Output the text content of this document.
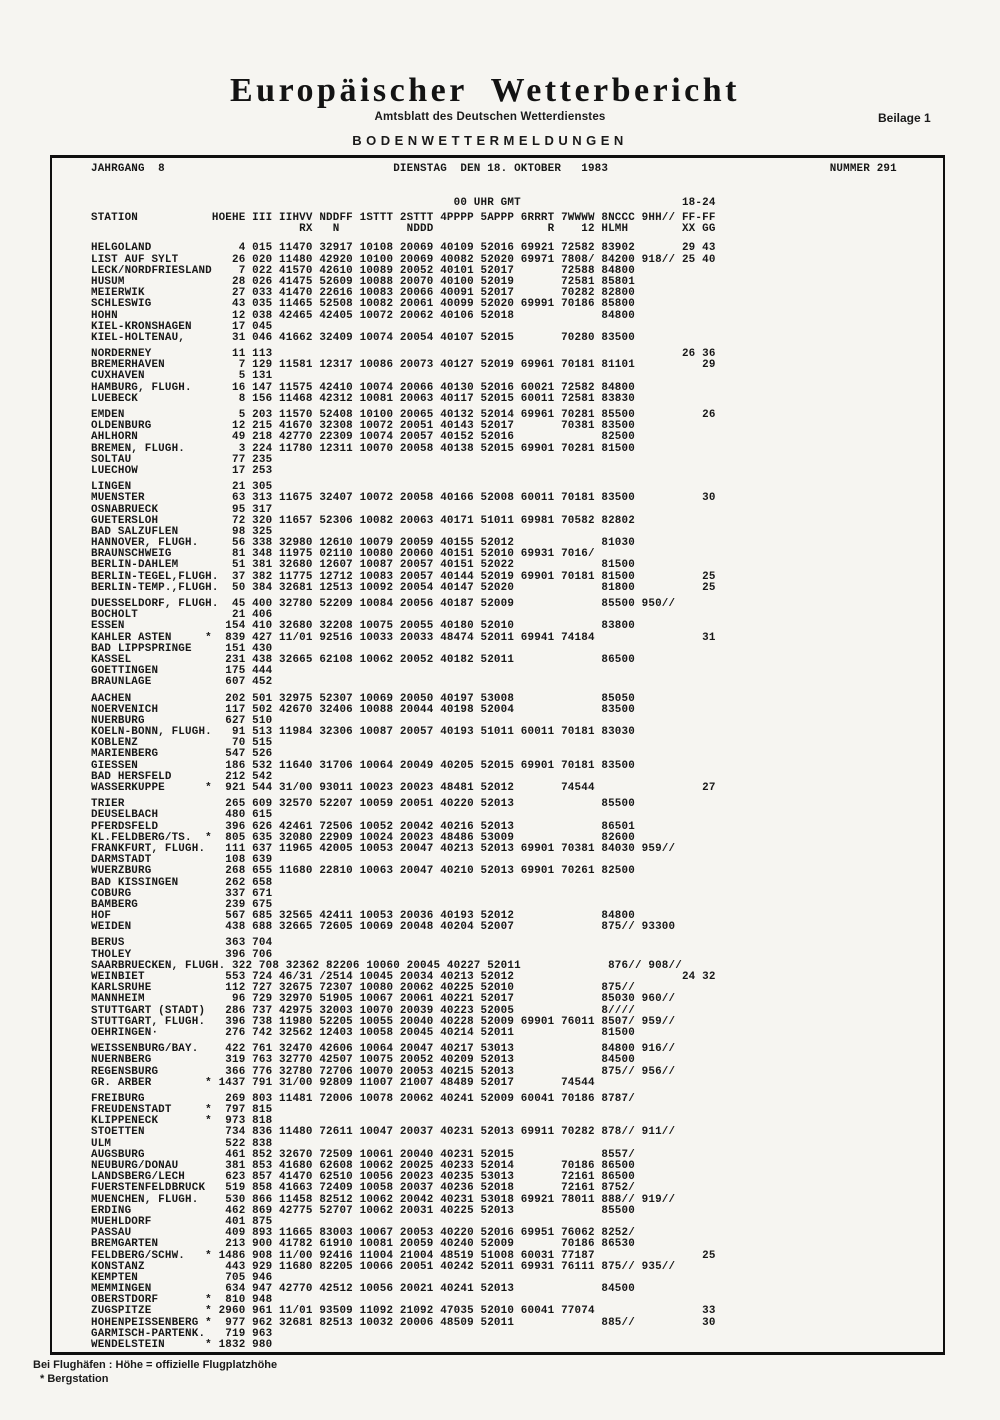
Europäischer Wetterbericht
Amtsblatt des Deutschen Wetterdienstes	Beilage 1
BODENWETTERMELDUNGEN
JAHRGANG  8                                  DIENSTAG  DEN 18. OKTOBER   1983                                 NUMMER 291
00 UHR GMT                        18-24
STATION           HOEHE III IIHVV NDDFF 1STTT 2STTT 4PPPP 5APPP 6RRRT 7WWWW 8NCCC 9HH// FF-FF
RX   N          NDDD                 R    12 HLMH        XX GG
HELGOLAND             4 015 11470 32917 10108 20069 40109 52016 69921 72582 83902       29 43
LIST AUF SYLT        26 020 11480 42920 10100 20069 40082 52020 69971 7808/ 84200 918// 25 40
LECK/NORDFRIESLAND    7 022 41570 42610 10089 20052 40101 52017       72588 84800
HUSUM                28 026 41475 52609 10088 20070 40100 52019       72581 85801
MEIERWIK             27 033 41470 22616 10083 20066 40091 52017       70282 82800
SCHLESWIG            43 035 11465 52508 10082 20061 40099 52020 69991 70186 85800
HOHN                 12 038 42465 42405 10072 20062 40106 52018             84800
KIEL-KRONSHAGEN      17 045
KIEL-HOLTENAU,       31 046 41662 32409 10074 20054 40107 52015       70280 83500
NORDERNEY            11 113                                                             26 36
BREMERHAVEN           7 129 11581 12317 10086 20073 40127 52019 69961 70181 81101          29
CUXHAVEN              5 131
HAMBURG, FLUGH.      16 147 11575 42410 10074 20066 40130 52016 60021 72582 84800
LUEBECK               8 156 11468 42312 10081 20063 40117 52015 60011 72581 83830
EMDEN                 5 203 11570 52408 10100 20065 40132 52014 69961 70281 85500          26
OLDENBURG            12 215 41670 32308 10072 20051 40143 52017       70381 83500
AHLHORN              49 218 42770 22309 10074 20057 40152 52016             82500
BREMEN, FLUGH.        3 224 11780 12311 10070 20058 40138 52015 69901 70281 81500
SOLTAU               77 235
LUECHOW              17 253
LINGEN               21 305
MUENSTER             63 313 11675 32407 10072 20058 40166 52008 60011 70181 83500          30
OSNABRUECK           95 317
GUETERSLOH           72 320 11657 52306 10082 20063 40171 51011 69981 70582 82802
BAD SALZUFLEN        98 325
HANNOVER, FLUGH.     56 338 32980 12610 10079 20059 40155 52012             81030
BRAUNSCHWEIG         81 348 11975 02110 10080 20060 40151 52010 69931 7016/
BERLIN-DAHLEM        51 381 32680 12607 10087 20057 40151 52022             81500
BERLIN-TEGEL,FLUGH.  37 382 11775 12712 10083 20057 40144 52019 69901 70181 81500          25
BERLIN-TEMP.,FLUGH.  50 384 32681 12513 10092 20054 40147 52020             81800          25
DUESSELDORF, FLUGH.  45 400 32780 52209 10084 20056 40187 52009             85500 950//
BOCHOLT              21 406
ESSEN               154 410 32680 32208 10075 20055 40180 52010             83800
KAHLER ASTEN     *  839 427 11/01 92516 10033 20033 48474 52011 69941 74184                31
BAD LIPPSPRINGE     151 430
KASSEL              231 438 32665 62108 10062 20052 40182 52011             86500
GOETTINGEN          175 444
BRAUNLAGE           607 452
AACHEN              202 501 32975 52307 10069 20050 40197 53008             85050
NOERVENICH          117 502 42670 32406 10088 20044 40198 52004             83500
NUERBURG            627 510
KOELN-BONN, FLUGH.   91 513 11984 32306 10087 20057 40193 51011 60011 70181 83030
KOBLENZ              70 515
MARIENBERG          547 526
GIESSEN             186 532 11640 31706 10064 20049 40205 52015 69901 70181 83500
BAD HERSFELD        212 542
WASSERKUPPE      *  921 544 31/00 93011 10023 20023 48481 52012       74544                27
TRIER               265 609 32570 52207 10059 20051 40220 52013             85500
DEUSELBACH          480 615
PFERDSFELD          396 626 42461 72506 10052 20042 40216 52013             86501
KL.FELDBERG/TS.  *  805 635 32080 22909 10024 20023 48486 53009             82600
FRANKFURT, FLUGH.   111 637 11965 42005 10053 20047 40213 52013 69901 70381 84030 959//
DARMSTADT           108 639
WUERZBURG           268 655 11680 22810 10063 20047 40210 52013 69901 70261 82500
BAD KISSINGEN       262 658
COBURG              337 671
BAMBERG             239 675
HOF                 567 685 32565 42411 10053 20036 40193 52012             84800
WEIDEN              438 688 32665 72605 10069 20048 40204 52007             875// 93300
BERUS               363 704
THOLEY              396 706
SAARBRUECKEN, FLUGH. 322 708 32362 82206 10060 20045 40227 52011             876// 908//
WEINBIET            553 724 46/31 /2514 10045 20034 40213 52012                         24 32
KARLSRUHE           112 727 32675 72307 10080 20062 40225 52010             875//
MANNHEIM             96 729 32970 51905 10067 20061 40221 52017             85030 960//
STUTTGART (STADT)   286 737 42975 32003 10070 20039 40223 52005             8////
STUTTGART, FLUGH.   396 738 11980 52205 10055 20040 40228 52009 69901 76011 8507/ 959//
OEHRINGEN·          276 742 32562 12403 10058 20045 40214 52011             81500
WEISSENBURG/BAY.    422 761 32470 42606 10064 20047 40217 53013             84800 916//
NUERNBERG           319 763 32770 42507 10075 20052 40209 52013             84500
REGENSBURG          366 776 32780 72706 10070 20053 40215 52013             875// 956//
GR. ARBER        * 1437 791 31/00 92809 11007 21007 48489 52017       74544
FREIBURG            269 803 11481 72006 10078 20062 40241 52009 60041 70186 8787/
FREUDENSTADT     *  797 815
KLIPPENECK       *  973 818
STOETTEN            734 836 11480 72611 10047 20037 40231 52013 69911 70282 878// 911//
ULM                 522 838
AUGSBURG            461 852 32670 72509 10061 20040 40231 52015             8557/
NEUBURG/DONAU       381 853 41680 62608 10062 20025 40233 52014       70186 86500
LANDSBERG/LECH      623 857 41470 62510 10056 20023 40235 53013       72161 86500
FUERSTENFELDBRUCK   519 858 41663 72409 10058 20037 40236 52018       72161 8752/
MUENCHEN, FLUGH.    530 866 11458 82512 10062 20042 40231 53018 69921 78011 888// 919//
ERDING              462 869 42775 52707 10062 20031 40225 52013             85500
MUEHLDORF           401 875
PASSAU              409 893 11665 83003 10067 20053 40220 52016 69951 76062 8252/
BREMGARTEN          213 900 41782 61910 10081 20059 40240 52009       70186 86530
FELDBERG/SCHW.   * 1486 908 11/00 92416 11004 21004 48519 51008 60031 77187                25
KONSTANZ            443 929 11680 82205 10066 20051 40242 52011 69931 76111 875// 935//
KEMPTEN             705 946
MEMMINGEN           634 947 42770 42512 10056 20021 40241 52013             84500
OBERSTDORF       *  810 948
ZUGSPITZE        * 2960 961 11/01 93509 11092 21092 47035 52010 60041 77074                33
HOHENPEISSENBERG *  977 962 32681 82513 10032 20006 48509 52011             885//          30
GARMISCH-PARTENK.   719 963
WENDELSTEIN      * 1832 980
Bei Flughäfen : Höhe = offizielle Flugplatzhöhe
* Bergstation
